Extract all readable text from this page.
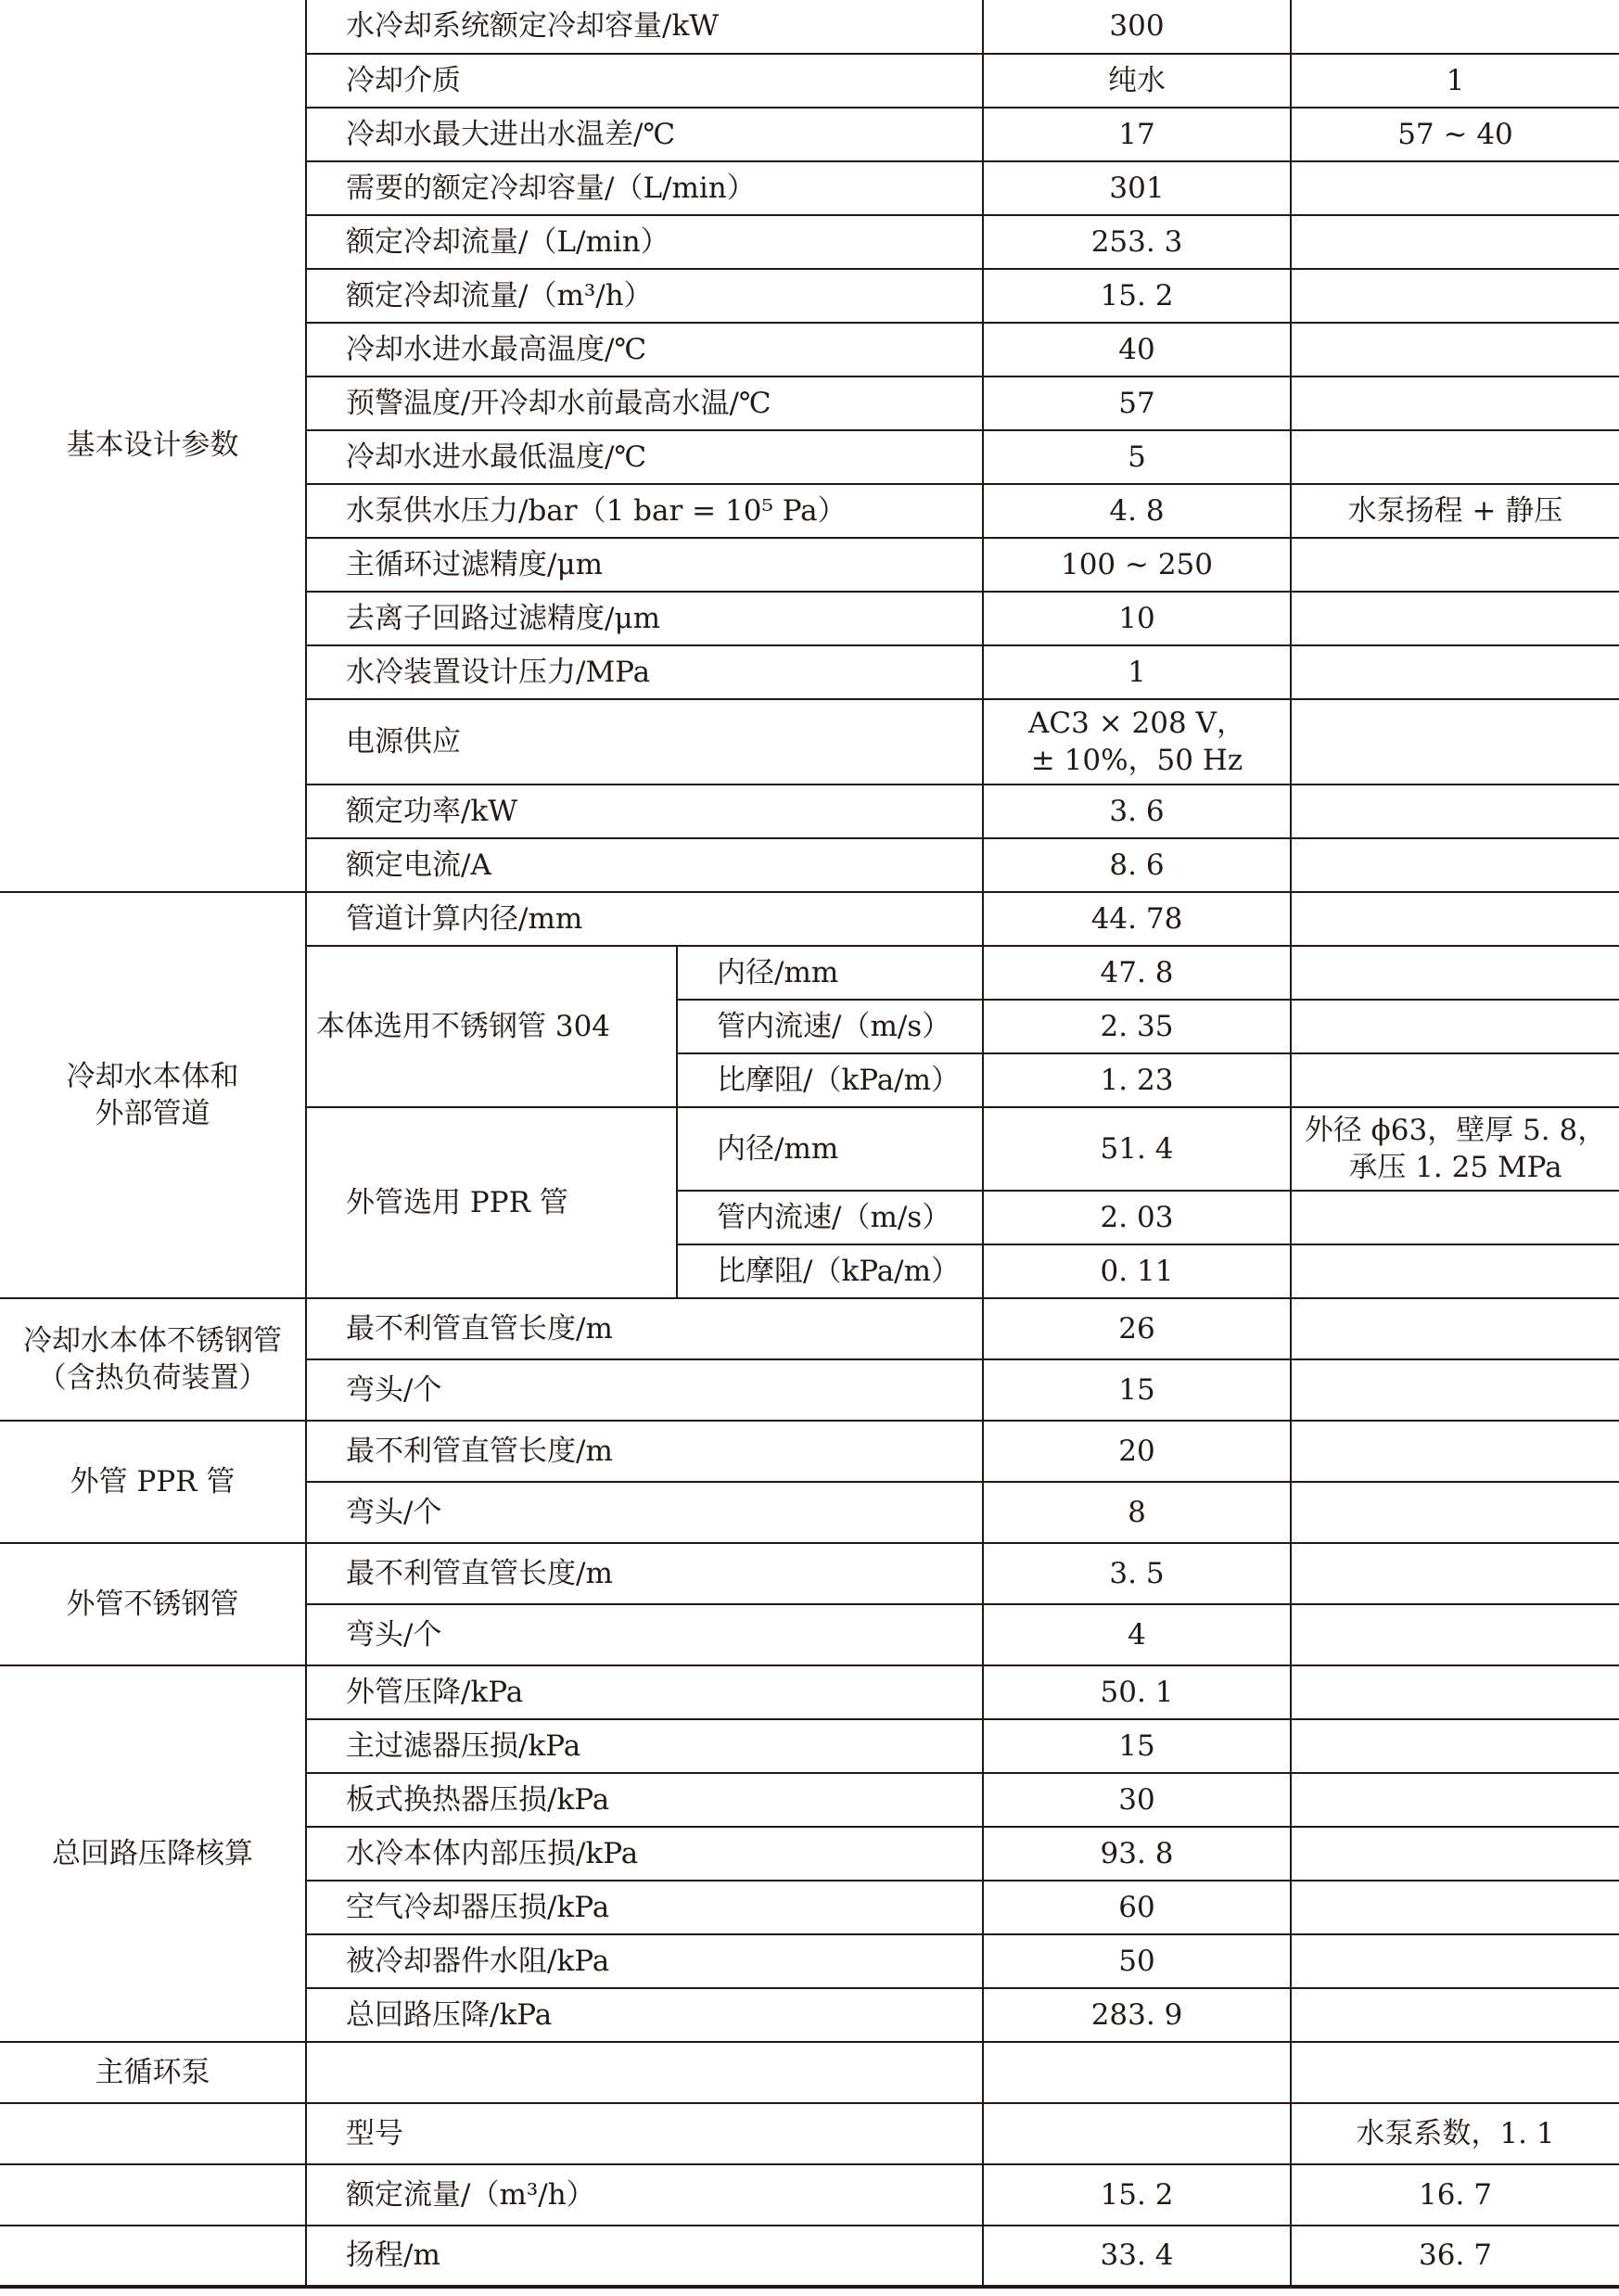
基本设计参数	水冷却系统额定冷却容量/kW		300	
	冷却介质		纯水	1
	冷却水最大进出水温差/℃		17	57 ~ 40
	需要的额定冷却容量/（L/min）		301	
	额定冷却流量/（L/min）		253. 3	
	额定冷却流量/（m³/h）		15. 2	
	冷却水进水最高温度/℃		40	
	预警温度/开冷却水前最高水温/℃		57	
	冷却水进水最低温度/℃		5	
	水泵供水压力/bar（1 bar = 10⁵ Pa）		4. 8	水泵扬程 + 静压
	主循环过滤精度/μm		100 ~ 250	
	去离子回路过滤精度/μm		10	
	水冷装置设计压力/MPa		1	
	电源供应		AC3 × 208 V，
± 10%，50 Hz	
	额定功率/kW		3. 6	
	额定电流/A		8. 6	
冷却水本体和
外部管道	管道计算内径/mm		44. 78	
	本体选用不锈钢管 304	内径/mm	47. 8	
		管内流速/（m/s）	2. 35	
		比摩阻/（kPa/m）	1. 23	
	外管选用 PPR 管	内径/mm	51. 4	外径 ϕ63，壁厚 5. 8，
承压 1. 25 MPa
		管内流速/（m/s）	2. 03	
		比摩阻/（kPa/m）	0. 11	
冷却水本体不锈钢管
（含热负荷装置）	最不利管直管长度/m		26	
	弯头/个		15	
外管 PPR 管	最不利管直管长度/m		20	
	弯头/个		8	
外管不锈钢管	最不利管直管长度/m		3. 5	
	弯头/个		4	
总回路压降核算	外管压降/kPa		50. 1	
	主过滤器压损/kPa		15	
	板式换热器压损/kPa		30	
	水冷本体内部压损/kPa		93. 8	
	空气冷却器压损/kPa		60	
	被冷却器件水阻/kPa		50	
	总回路压降/kPa		283. 9	
主循环泵				
	型号			水泵系数，1. 1
	额定流量/（m³/h）		15. 2	16. 7
	扬程/m		33. 4	36. 7
